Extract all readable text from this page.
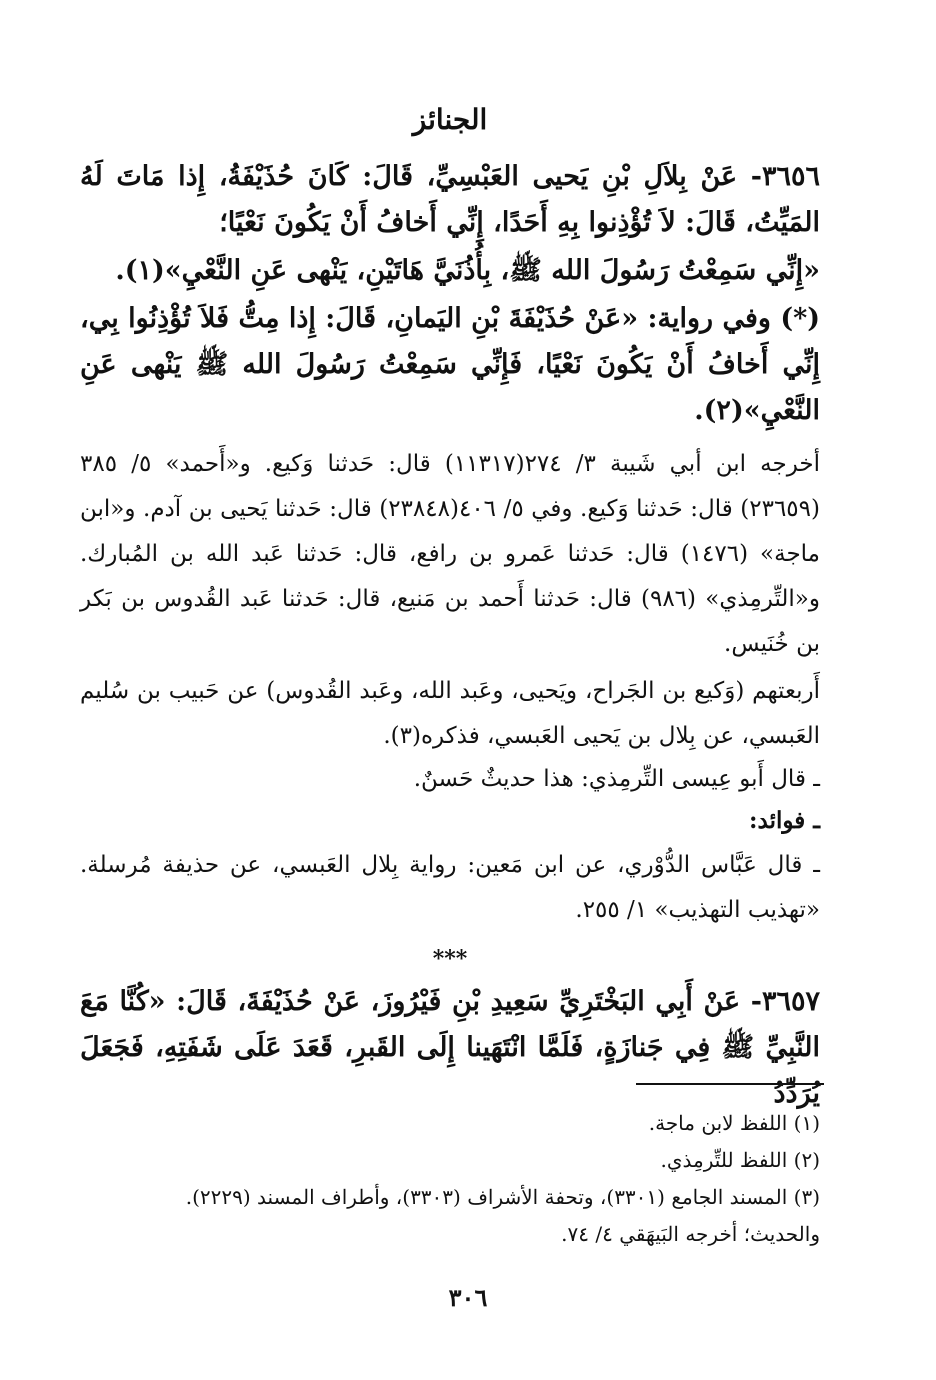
الجنائز

٣٦٥٦- عَنْ بِلاَلِ بْنِ يَحيى العَبْسِيِّ، قَالَ: كَانَ حُذَيْفَةُ، إِذا مَاتَ لَهُ المَيِّتُ، قَالَ: لاَ تُؤْذِنوا بِهِ أَحَدًا، إِنِّي أَخافُ أَنْ يَكُونَ نَعْيًا؛

«إِنِّي سَمِعْتُ رَسُولَ الله ﷺ، بِأُذُنَيَّ هَاتَيْنِ، يَنْهى عَنِ النَّعْيِ»(١).

(*) وفي رواية: «عَنْ حُذَيْفَةَ بْنِ اليَمانِ، قَالَ: إِذا مِتُّ فَلاَ تُؤْذِنُوا بِي، إِنِّي أَخافُ أَنْ يَكُونَ نَعْيًا، فَإِنِّي سَمِعْتُ رَسُولَ الله ﷺ يَنْهى عَنِ النَّعْيِ»(٢).

أخرجه ابن أبي شَيبة ٣/ ٢٧٤(١١٣١٧) قال: حَدثنا وَكيع. و«أَحمد» ٥/ ٣٨٥ (٢٣٦٥٩) قال: حَدثنا وَكيع. وفي ٥/ ٤٠٦(٢٣٨٤٨) قال: حَدثنا يَحيى بن آدم. و«ابن ماجة» (١٤٧٦) قال: حَدثنا عَمرو بن رافع، قال: حَدثنا عَبد الله بن المُبارك. و«التِّرمِذي» (٩٨٦) قال: حَدثنا أَحمد بن مَنيع، قال: حَدثنا عَبد القُدوس بن بَكر بن خُنَيس.

أَربعتهم (وَكيع بن الجَراح، ويَحيى، وعَبد الله، وعَبد القُدوس) عن حَبيب بن سُليم العَبسي، عن بِلال بن يَحيى العَبسي، فذكره(٣).

ـ قال أَبو عِيسى التِّرمِذي: هذا حديثٌ حَسنٌ.

ـ فوائد:

ـ قال عَبَّاس الدُّوْري، عن ابن مَعين: رواية بِلال العَبسي، عن حذيفة مُرسلة. «تهذيب التهذيب» ١/ ٢٥٥.

***

٣٦٥٧- عَنْ أَبِي البَخْتَرِيِّ سَعِيدِ بْنِ فَيْرُوزَ، عَنْ حُذَيْفَةَ، قَالَ: «كُنَّا مَعَ النَّبِيِّ ﷺ فِي جَنازَةٍ، فَلَمَّا انْتَهَينا إِلَى القَبرِ، قَعَدَ عَلَى شَفَتِهِ، فَجَعَلَ يُرَدِّدُ

(١) اللفظ لابن ماجة.

(٢) اللفظ للتِّرمِذي.

(٣) المسند الجامع (٣٣٠١)، وتحفة الأشراف (٣٣٠٣)، وأطراف المسند (٢٢٢٩).

والحديث؛ أخرجه البَيهَقي ٤/ ٧٤.

٣٠٦
